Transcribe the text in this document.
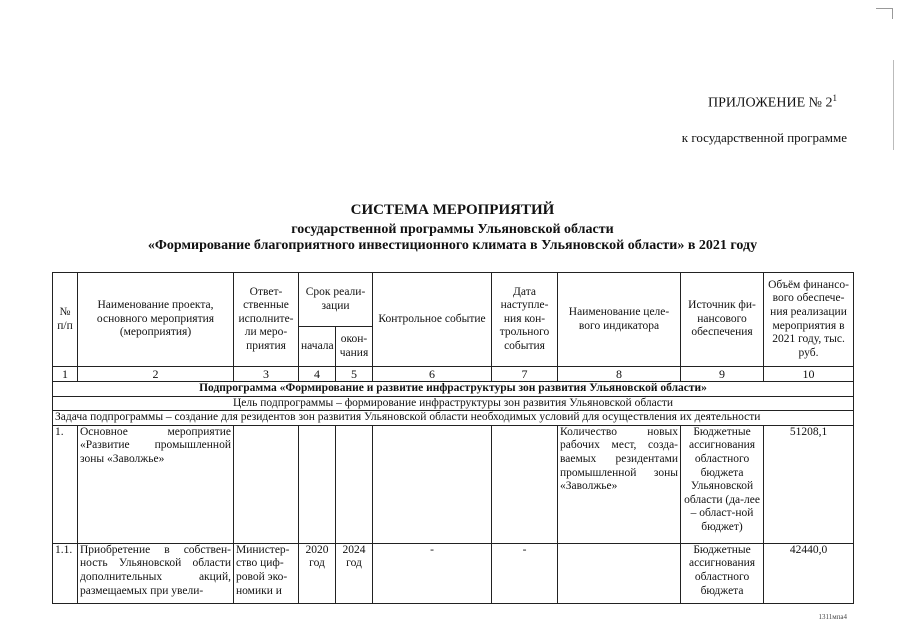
ПРИЛОЖЕНИЕ № $2^1$
к государственной программе
СИСТЕМА МЕРОПРИЯТИЙ
государственной программы Ульяновской области
«Формирование благоприятного инвестиционного климата в Ульяновской области» в 2021 году
№ п/п	Наименование проекта, основного мероприятия (мероприятия)	Ответ-ственные исполните-ли меро-приятия	Срок реали-зации		Контрольное событие	Дата наступле-ния кон-трольного события	Наименование целе-вого индикатора	Источник фи-нансового обеспечения	Объём финансо-вого обеспече-ния реализации мероприятия в 2021 году, тыс. руб.
			начала	окон-чания					
1	2	3	4	5	6	7	8	9	10
Подпрограмма «Формирование и развитие инфраструктуры зон развития Ульяновской области»									
Цель подпрограммы – формирование инфраструктуры зон развития Ульяновской области									
Задача подпрограммы – создание для резидентов зон развития Ульяновской области необходимых условий для осуществления их деятельности									
1.	Основное мероприятие «Развитие промышленной зоны «Заволжье»						Количество новых рабочих мест, созда-ваемых резидентами промышленной зоны «Заволжье»	Бюджетные ассигнования областного бюджета Ульяновской области (да-лее – област-ной бюджет)	51208,1
1.1.	Приобретение в собствен-ность Ульяновской области дополнительных акций, размещаемых при увели-	Министер-ство циф-ровой эко-номики и	2020 год	2024 год	-	-		Бюджетные ассигнования областного бюджета	42440,0
1311мпа4
